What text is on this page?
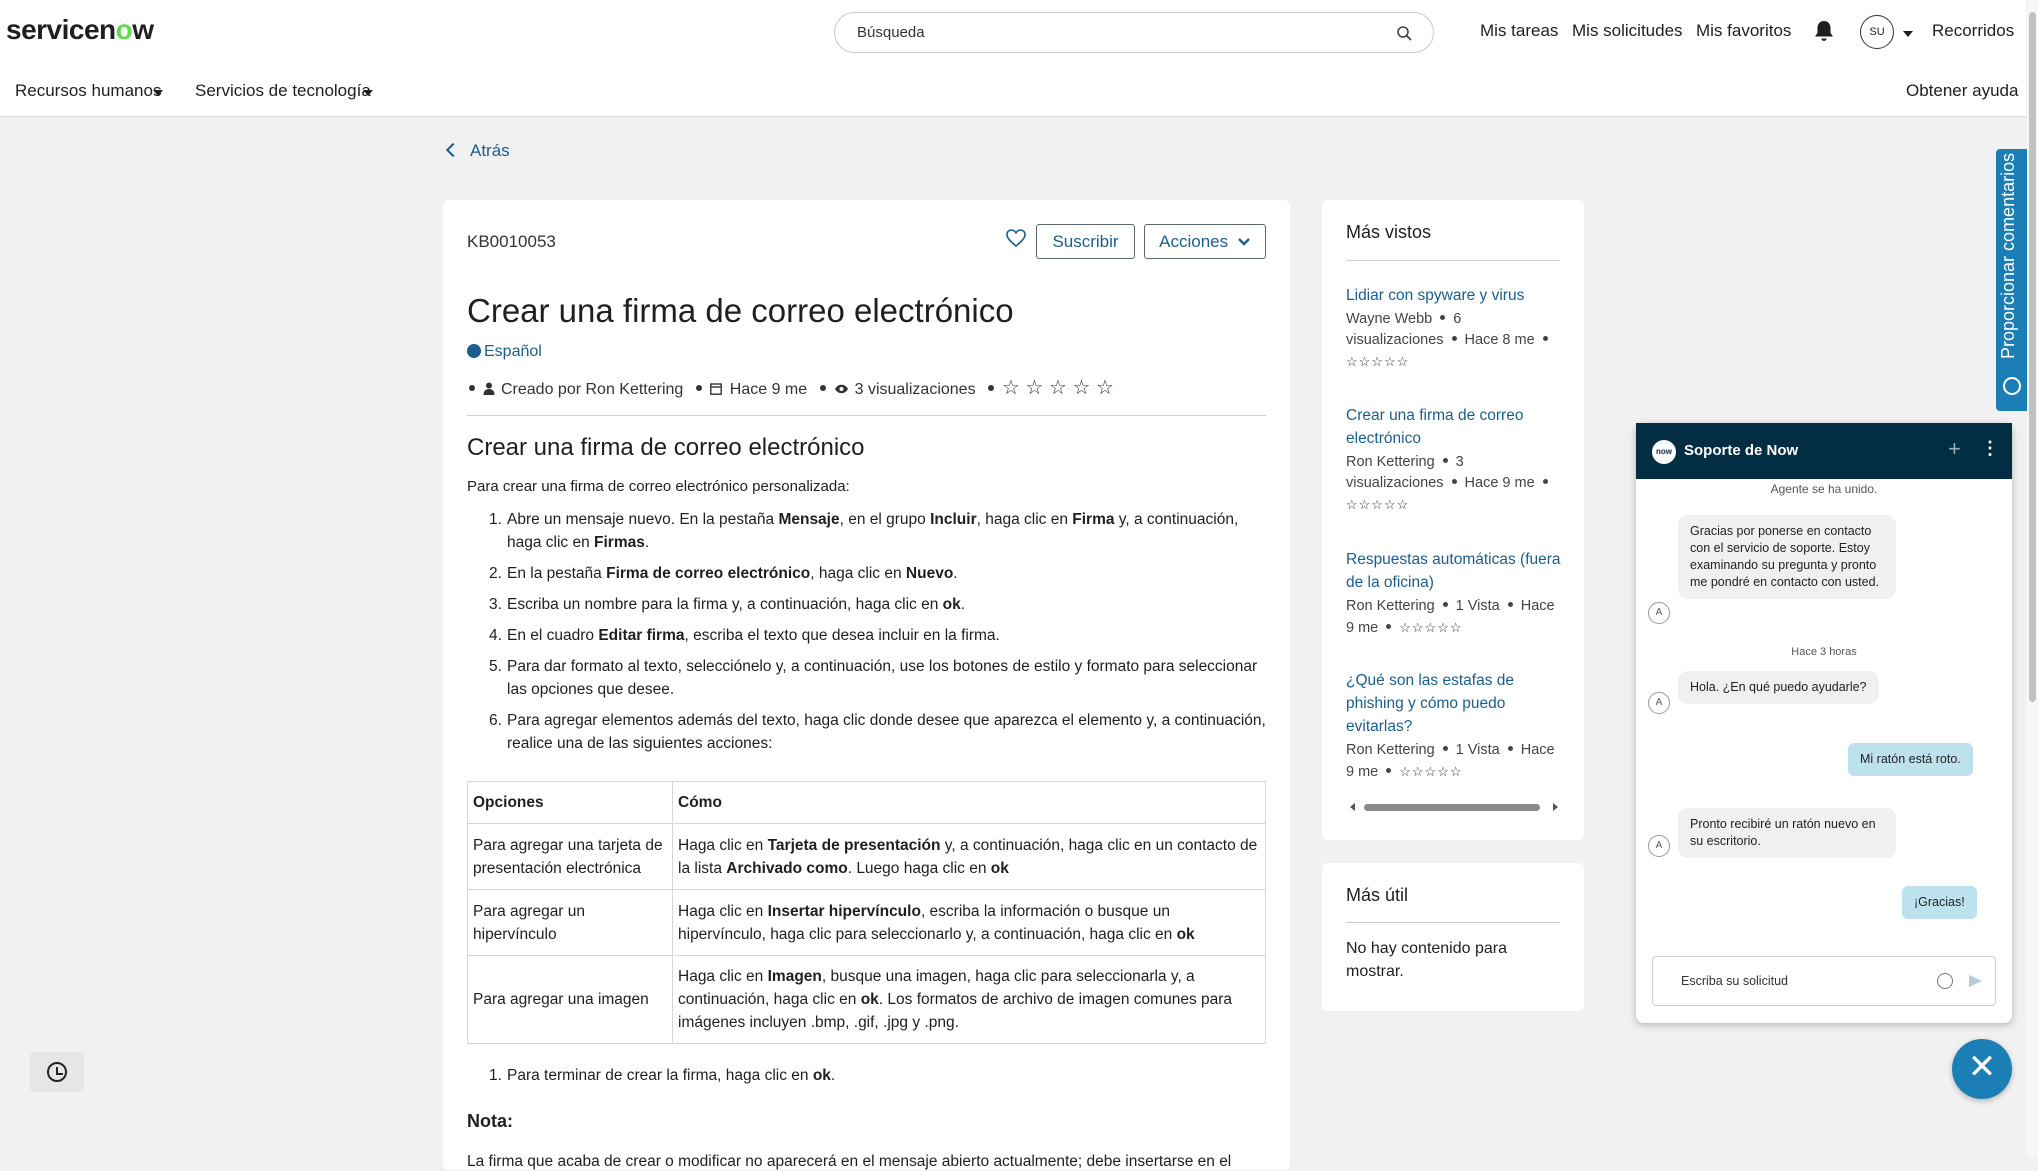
servicenow	Búsqueda	Mis tareas Mis solicitudes Mis favoritos	SU	Recorridos
Recursos humanos Servicios de tecnología	Obtener ayuda
Atrás
KB0010053	Suscribir	Acciones
Crear una firma de correo electrónico
Español
Creado por Ron Kettering	Hace 9 me	3 visualizaciones ☆ ☆ ☆ ☆ ☆
Crear una firma de correo electrónico

Para crear una firma de correo electrónico personalizada:

1. Abre un mensaje nuevo. En la pestaña Mensaje, en el grupo Incluir, haga clic en Firma y, a continuación, haga clic en Firmas.
2. En la pestaña Firma de correo electrónico, haga clic en Nuevo.
3. Escriba un nombre para la firma y, a continuación, haga clic en ok.
4. En el cuadro Editar firma, escriba el texto que desea incluir en la firma.
5. Para dar formato al texto, selecciónelo y, a continuación, use los botones de estilo y formato para seleccionar las opciones que desee.
6. Para agregar elementos además del texto, haga clic donde desee que aparezca el elemento y, a continuación, realice una de las siguientes acciones:
Opciones	Cómo
Para agregar una tarjeta de presentación electrónica	Haga clic en Tarjeta de presentación y, a continuación, haga clic en un contacto de la lista Archivado como. Luego haga clic en ok
Para agregar un hipervínculo	Haga clic en Insertar hipervínculo, escriba la información o busque un hipervínculo, haga clic para seleccionarlo y, a continuación, haga clic en ok
Para agregar una imagen	Haga clic en Imagen, busque una imagen, haga clic para seleccionarla y, a continuación, haga clic en ok. Los formatos de archivo de imagen comunes para imágenes incluyen .bmp, .gif, .jpg y .png.
1. Para terminar de crear la firma, haga clic en ok.
Nota:
La firma que acaba de crear o modificar no aparecerá en el mensaje abierto actualmente; debe insertarse en el
Más vistos
Lidiar con spyware y virus
Wayne Webb 6 visualizaciones Hace 8 me☆☆☆☆☆
Crear una firma de correo electrónico
Ron Kettering 3 visualizaciones Hace 9 me☆☆☆☆☆
Respuestas automáticas (fuera de la oficina)
Ron Kettering 1 Vista Hace 9 me ☆☆☆☆☆
¿Qué son las estafas de phishing y cómo puedo evitarlas?
Ron Kettering 1 Vista Hace 9 me ☆☆☆☆☆
Más útil
No hay contenido para mostrar.
Proporcionar comentarios
now Soporte de Now	+ ⋮
Agente se ha unido.
Gracias por ponerse en contacto con el servicio de soporte. Estoy examinando su pregunta y pronto me pondré en contacto con usted.
A
Hace 3 horas
Hola. ¿En qué puedo ayudarle?
A
Mi ratón está roto.
Pronto recibiré un ratón nuevo en su escritorio.
A
¡Gracias!
Escriba su solicitud
✕
